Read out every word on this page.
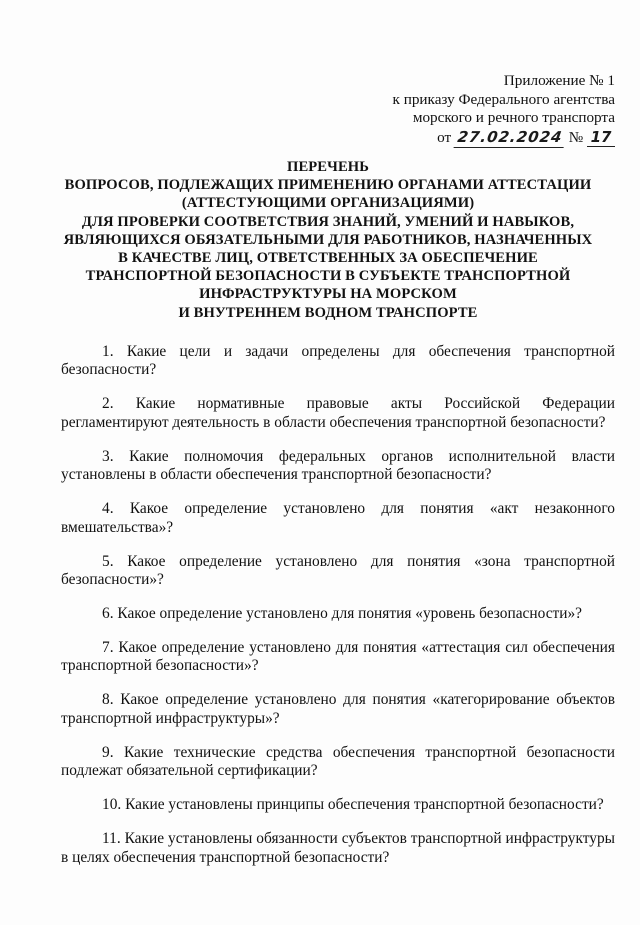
Приложение № 1
к приказу Федерального агентства
морского и речного транспорта
от 27.02.2024 № 17
ПЕРЕЧЕНЬ
ВОПРОСОВ, ПОДЛЕЖАЩИХ ПРИМЕНЕНИЮ ОРГАНАМИ АТТЕСТАЦИИ
(АТТЕСТУЮЩИМИ ОРГАНИЗАЦИЯМИ)
ДЛЯ ПРОВЕРКИ СООТВЕТСТВИЯ ЗНАНИЙ, УМЕНИЙ И НАВЫКОВ,
ЯВЛЯЮЩИХСЯ ОБЯЗАТЕЛЬНЫМИ ДЛЯ РАБОТНИКОВ, НАЗНАЧЕННЫХ
В КАЧЕСТВЕ ЛИЦ, ОТВЕТСТВЕННЫХ ЗА ОБЕСПЕЧЕНИЕ
ТРАНСПОРТНОЙ БЕЗОПАСНОСТИ В СУБЪЕКТЕ ТРАНСПОРТНОЙ
ИНФРАСТРУКТУРЫ НА МОРСКОМ
И ВНУТРЕННЕМ ВОДНОМ ТРАНСПОРТЕ

1. Какие цели и задачи определены для обеспечения транспортной безопасности?

2. Какие нормативные правовые акты Российской Федерации регламентируют деятельность в области обеспечения транспортной безопасности?

3. Какие полномочия федеральных органов исполнительной власти установлены в области обеспечения транспортной безопасности?

4. Какое определение установлено для понятия «акт незаконного вмешательства»?

5. Какое определение установлено для понятия «зона транспортной безопасности»?

6. Какое определение установлено для понятия «уровень безопасности»?

7. Какое определение установлено для понятия «аттестация сил обеспечения транспортной безопасности»?

8. Какое определение установлено для понятия «категорирование объектов транспортной инфраструктуры»?

9. Какие технические средства обеспечения транспортной безопасности подлежат обязательной сертификации?

10. Какие установлены принципы обеспечения транспортной безопасности?

11. Какие установлены обязанности субъектов транспортной инфраструктуры в целях обеспечения транспортной безопасности?
